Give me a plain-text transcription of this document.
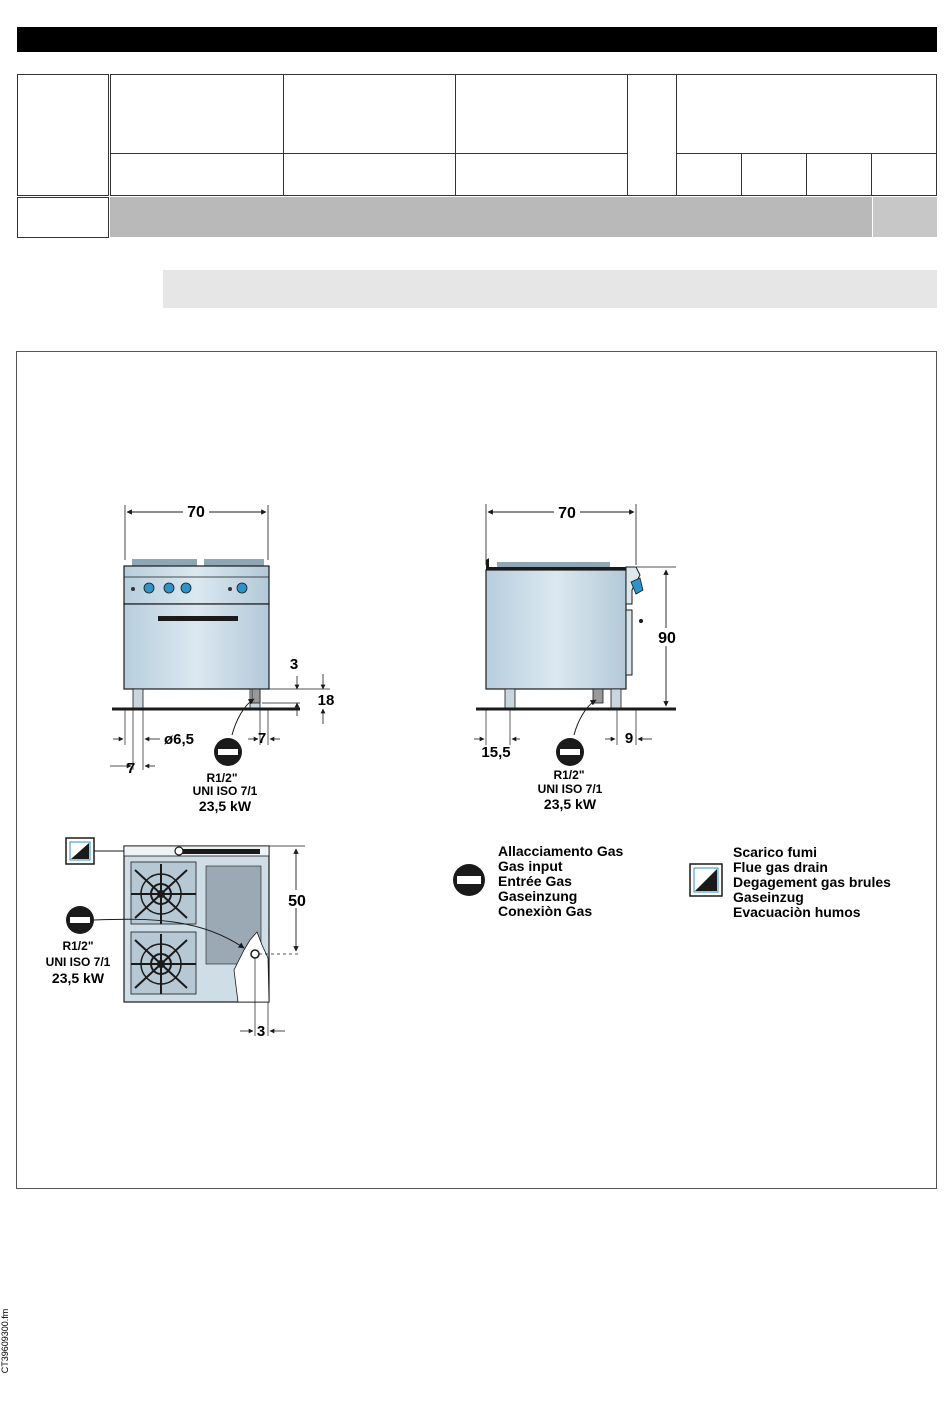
70
3
18
ø6,5	7
7
R1/2"
UNI ISO 7/1
23,5 kW
70
90
15,5
9
R1/2"
UNI ISO 7/1
23,5 kW
3
50
R1/2"
UNI ISO 7/1
23,5 kW
Allacciamento Gas
Gas input
Entrée Gas
Gaseinzung
Conexiòn Gas
Scarico fumi
Flue gas drain
Degagement gas brules
Gaseinzug
Evacuaciòn humos
CT39609300.fm
